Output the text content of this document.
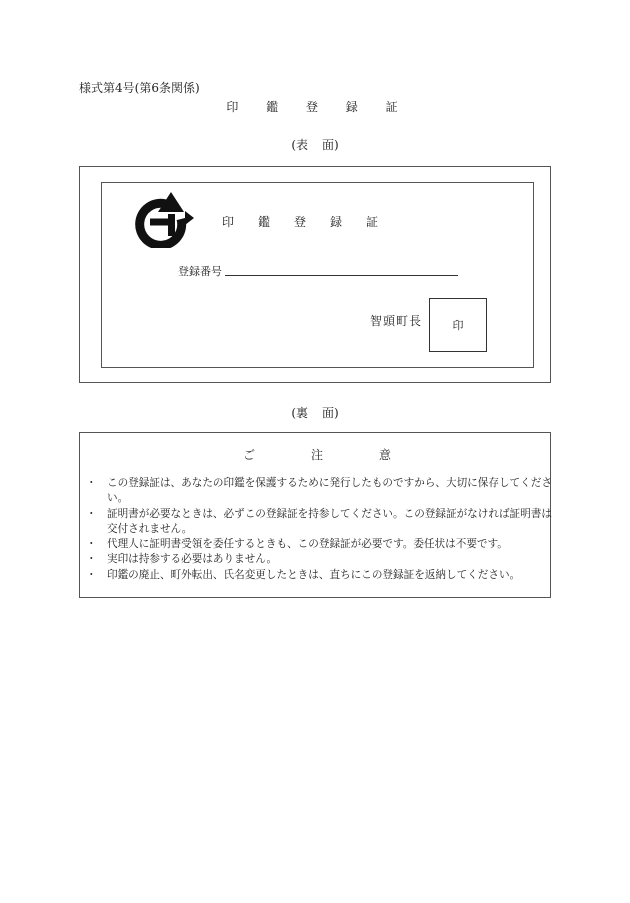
様式第4号(第6条関係)
印 鑑 登 録 証
(表 面)
印 鑑 登 録 証
登録番号
智頭町長	印
(裏 面)
ご	注	意
・ この登録証は、あなたの印鑑を保護するために発行したものですから、大切に保存してください。
・ 証明書が必要なときは、必ずこの登録証を持参してください。この登録証がなければ証明書は交付されません。
・ 代理人に証明書受領を委任するときも、この登録証が必要です。委任状は不要です。
・ 実印は持参する必要はありません。
・ 印鑑の廃止、町外転出、氏名変更したときは、直ちにこの登録証を返納してください。
